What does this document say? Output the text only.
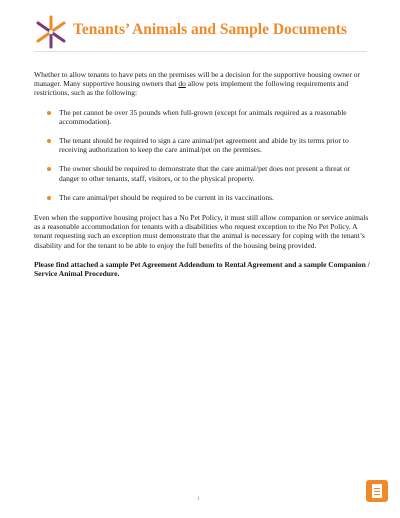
Tenants’ Animals and Sample Documents

Whether to allow tenants to have pets on the premises will be a decision for the supportive housing owner or manager. Many supportive housing owners that do allow pets implement the following requirements and restrictions, such as the following:

The pet cannot be over 35 pounds when full-grown (except for animals required as a reasonable accommodation).
The tenant should be required to sign a care animal/pet agreement and abide by its terms prior to receiving authorization to keep the care animal/pet on the premises.
The owner should be required to demonstrate that the care animal/pet does not present a threat or danger to other tenants, staff, visitors, or to the physical property.
The care animal/pet should be required to be current in its vaccinations.

Even when the supportive housing project has a No Pet Policy, it must still allow companion or service animals as a reasonable accommodation for tenants with a disabilities who request exception to the No Pet Policy. A tenant requesting such an exception must demonstrate that the animal is necessary for coping with the tenant’s disability and for the tenant to be able to enjoy the full benefits of the housing being provided.

Please find attached a sample Pet Agreement Addendum to Rental Agreement and a sample Companion / Service Animal Procedure.

1
